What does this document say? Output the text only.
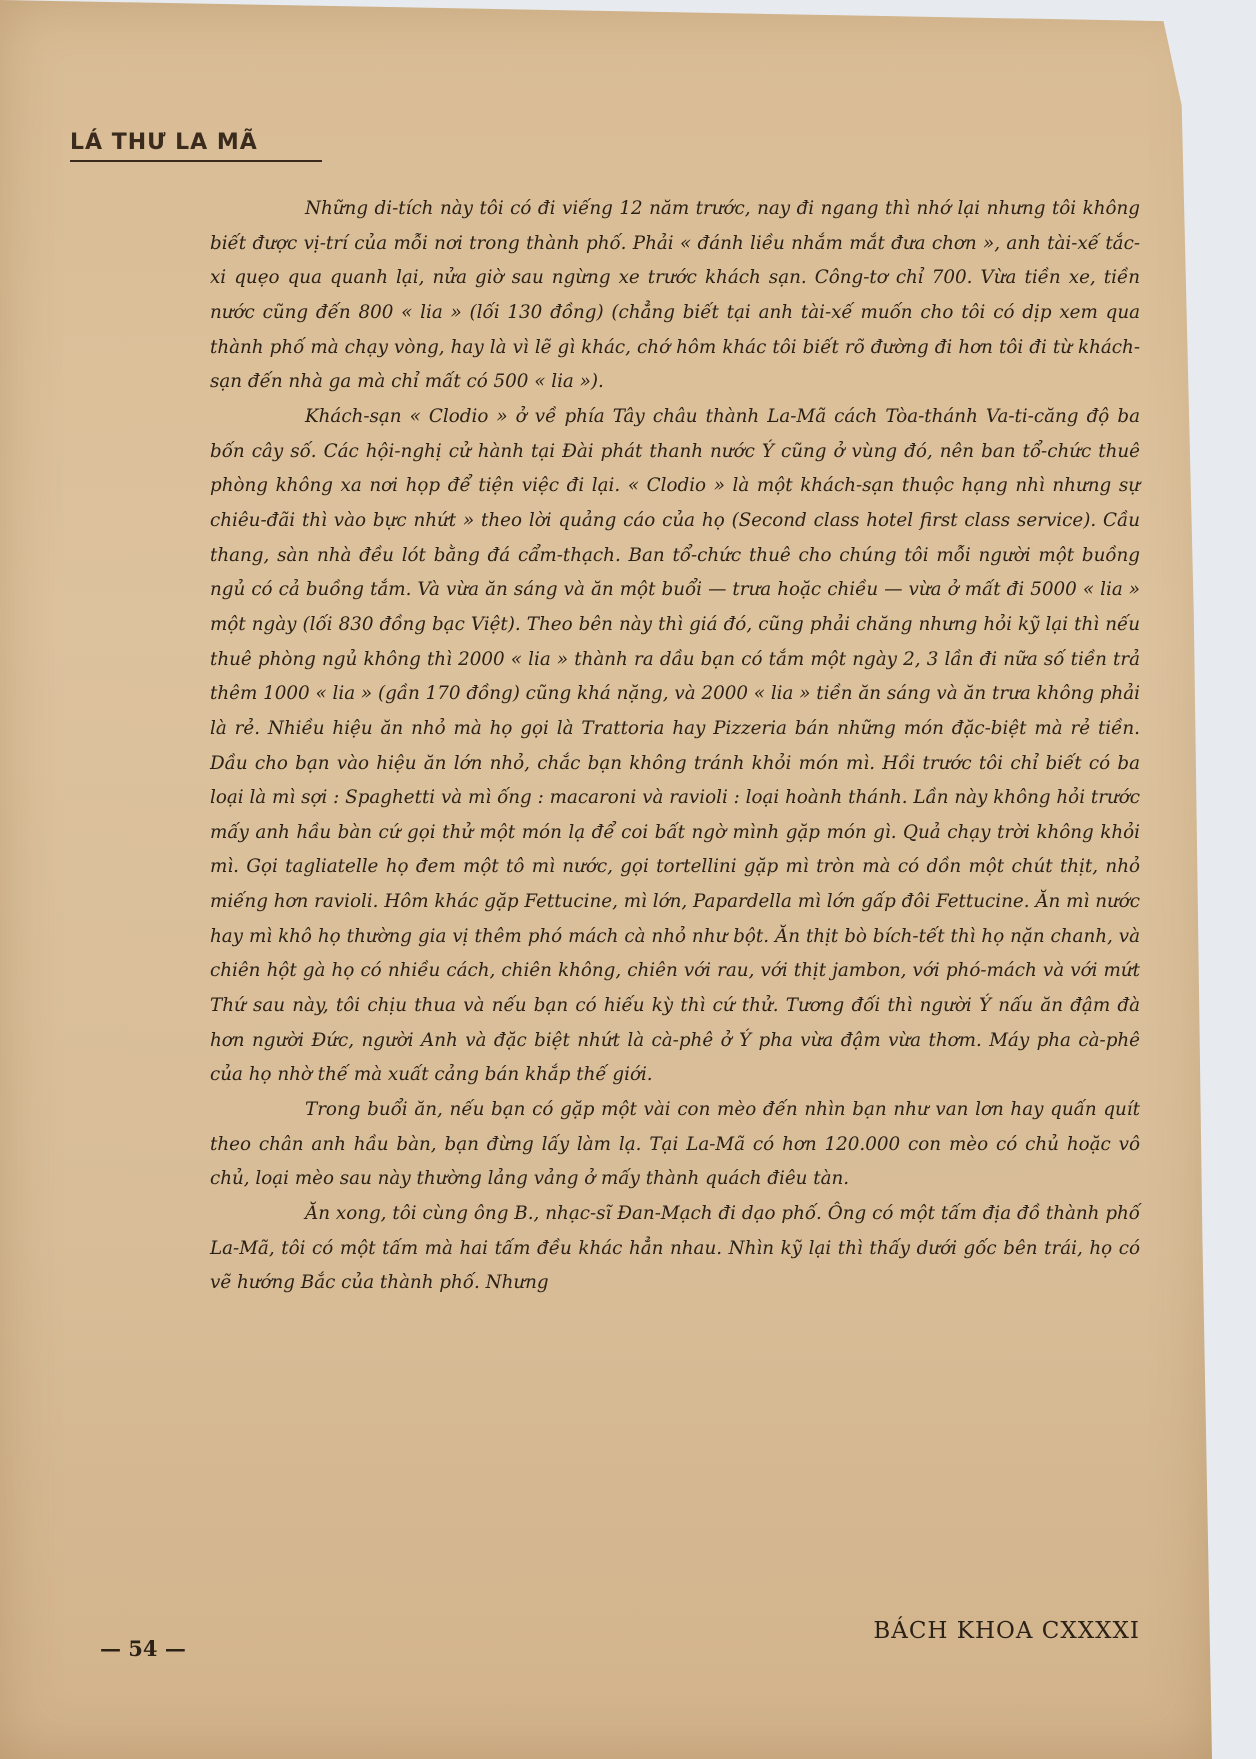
LÁ THƯ LA MÃ

Những di-tích này tôi có đi viếng 12 năm trước, nay đi ngang thì nhớ lại nhưng tôi không biết được vị-trí của mỗi nơi trong thành phố. Phải « đánh liều nhắm mắt đưa chơn », anh tài-xế tắc-xi quẹo qua quanh lại, nửa giờ sau ngừng xe trước khách sạn. Công-tơ chỉ 700. Vừa tiền xe, tiền nước cũng đến 800 « lia » (lối 130 đồng) (chẳng biết tại anh tài-xế muốn cho tôi có dịp xem qua thành phố mà chạy vòng, hay là vì lẽ gì khác, chớ hôm khác tôi biết rõ đường đi hơn tôi đi từ khách-sạn đến nhà ga mà chỉ mất có 500 « lia »).

Khách-sạn « Clodio » ở về phía Tây châu thành La-Mã cách Tòa-thánh Va-ti-căng độ ba bốn cây số. Các hội-nghị cử hành tại Đài phát thanh nước Ý cũng ở vùng đó, nên ban tổ-chức thuê phòng không xa nơi họp để tiện việc đi lại. « Clodio » là một khách-sạn thuộc hạng nhì nhưng sự chiêu-đãi thì vào bực nhứt » theo lời quảng cáo của họ (Second class hotel first class service). Cầu thang, sàn nhà đều lót bằng đá cẩm-thạch. Ban tổ-chức thuê cho chúng tôi mỗi người một buồng ngủ có cả buồng tắm. Và vừa ăn sáng và ăn một buổi — trưa hoặc chiều — vừa ở mất đi 5000 « lia » một ngày (lối 830 đồng bạc Việt). Theo bên này thì giá đó, cũng phải chăng nhưng hỏi kỹ lại thì nếu thuê phòng ngủ không thì 2000 « lia » thành ra dầu bạn có tắm một ngày 2, 3 lần đi nữa số tiền trả thêm 1000 « lia » (gần 170 đồng) cũng khá nặng, và 2000 « lia » tiền ăn sáng và ăn trưa không phải là rẻ. Nhiều hiệu ăn nhỏ mà họ gọi là Trattoria hay Pizzeria bán những món đặc-biệt mà rẻ tiền. Dầu cho bạn vào hiệu ăn lớn nhỏ, chắc bạn không tránh khỏi món mì. Hồi trước tôi chỉ biết có ba loại là mì sợi : Spaghetti và mì ống : macaroni và ravioli : loại hoành thánh. Lần này không hỏi trước mấy anh hầu bàn cứ gọi thử một món lạ để coi bất ngờ mình gặp món gì. Quả chạy trời không khỏi mì. Gọi tagliatelle họ đem một tô mì nước, gọi tortellini gặp mì tròn mà có dồn một chút thịt, nhỏ miếng hơn ravioli. Hôm khác gặp Fettucine, mì lớn, Papardella mì lớn gấp đôi Fettucine. Ăn mì nước hay mì khô họ thường gia vị thêm phó mách cà nhỏ như bột. Ăn thịt bò bích-tết thì họ nặn chanh, và chiên hột gà họ có nhiều cách, chiên không, chiên với rau, với thịt jambon, với phó-mách và với mứt Thứ sau này, tôi chịu thua và nếu bạn có hiếu kỳ thì cứ thử. Tương đối thì người Ý nấu ăn đậm đà hơn người Đức, người Anh và đặc biệt nhứt là cà-phê ở Ý pha vừa đậm vừa thơm. Máy pha cà-phê của họ nhờ thế mà xuất cảng bán khắp thế giới.

Trong buổi ăn, nếu bạn có gặp một vài con mèo đến nhìn bạn như van lơn hay quấn quít theo chân anh hầu bàn, bạn đừng lấy làm lạ. Tại La-Mã có hơn 120.000 con mèo có chủ hoặc vô chủ, loại mèo sau này thường lảng vảng ở mấy thành quách điêu tàn.

Ăn xong, tôi cùng ông B., nhạc-sĩ Đan-Mạch đi dạo phố. Ông có một tấm địa đồ thành phố La-Mã, tôi có một tấm mà hai tấm đều khác hẳn nhau. Nhìn kỹ lại thì thấy dưới gốc bên trái, họ có vẽ hướng Bắc của thành phố. Nhưng

— 54 —
BÁCH KHOA CXXXXI
